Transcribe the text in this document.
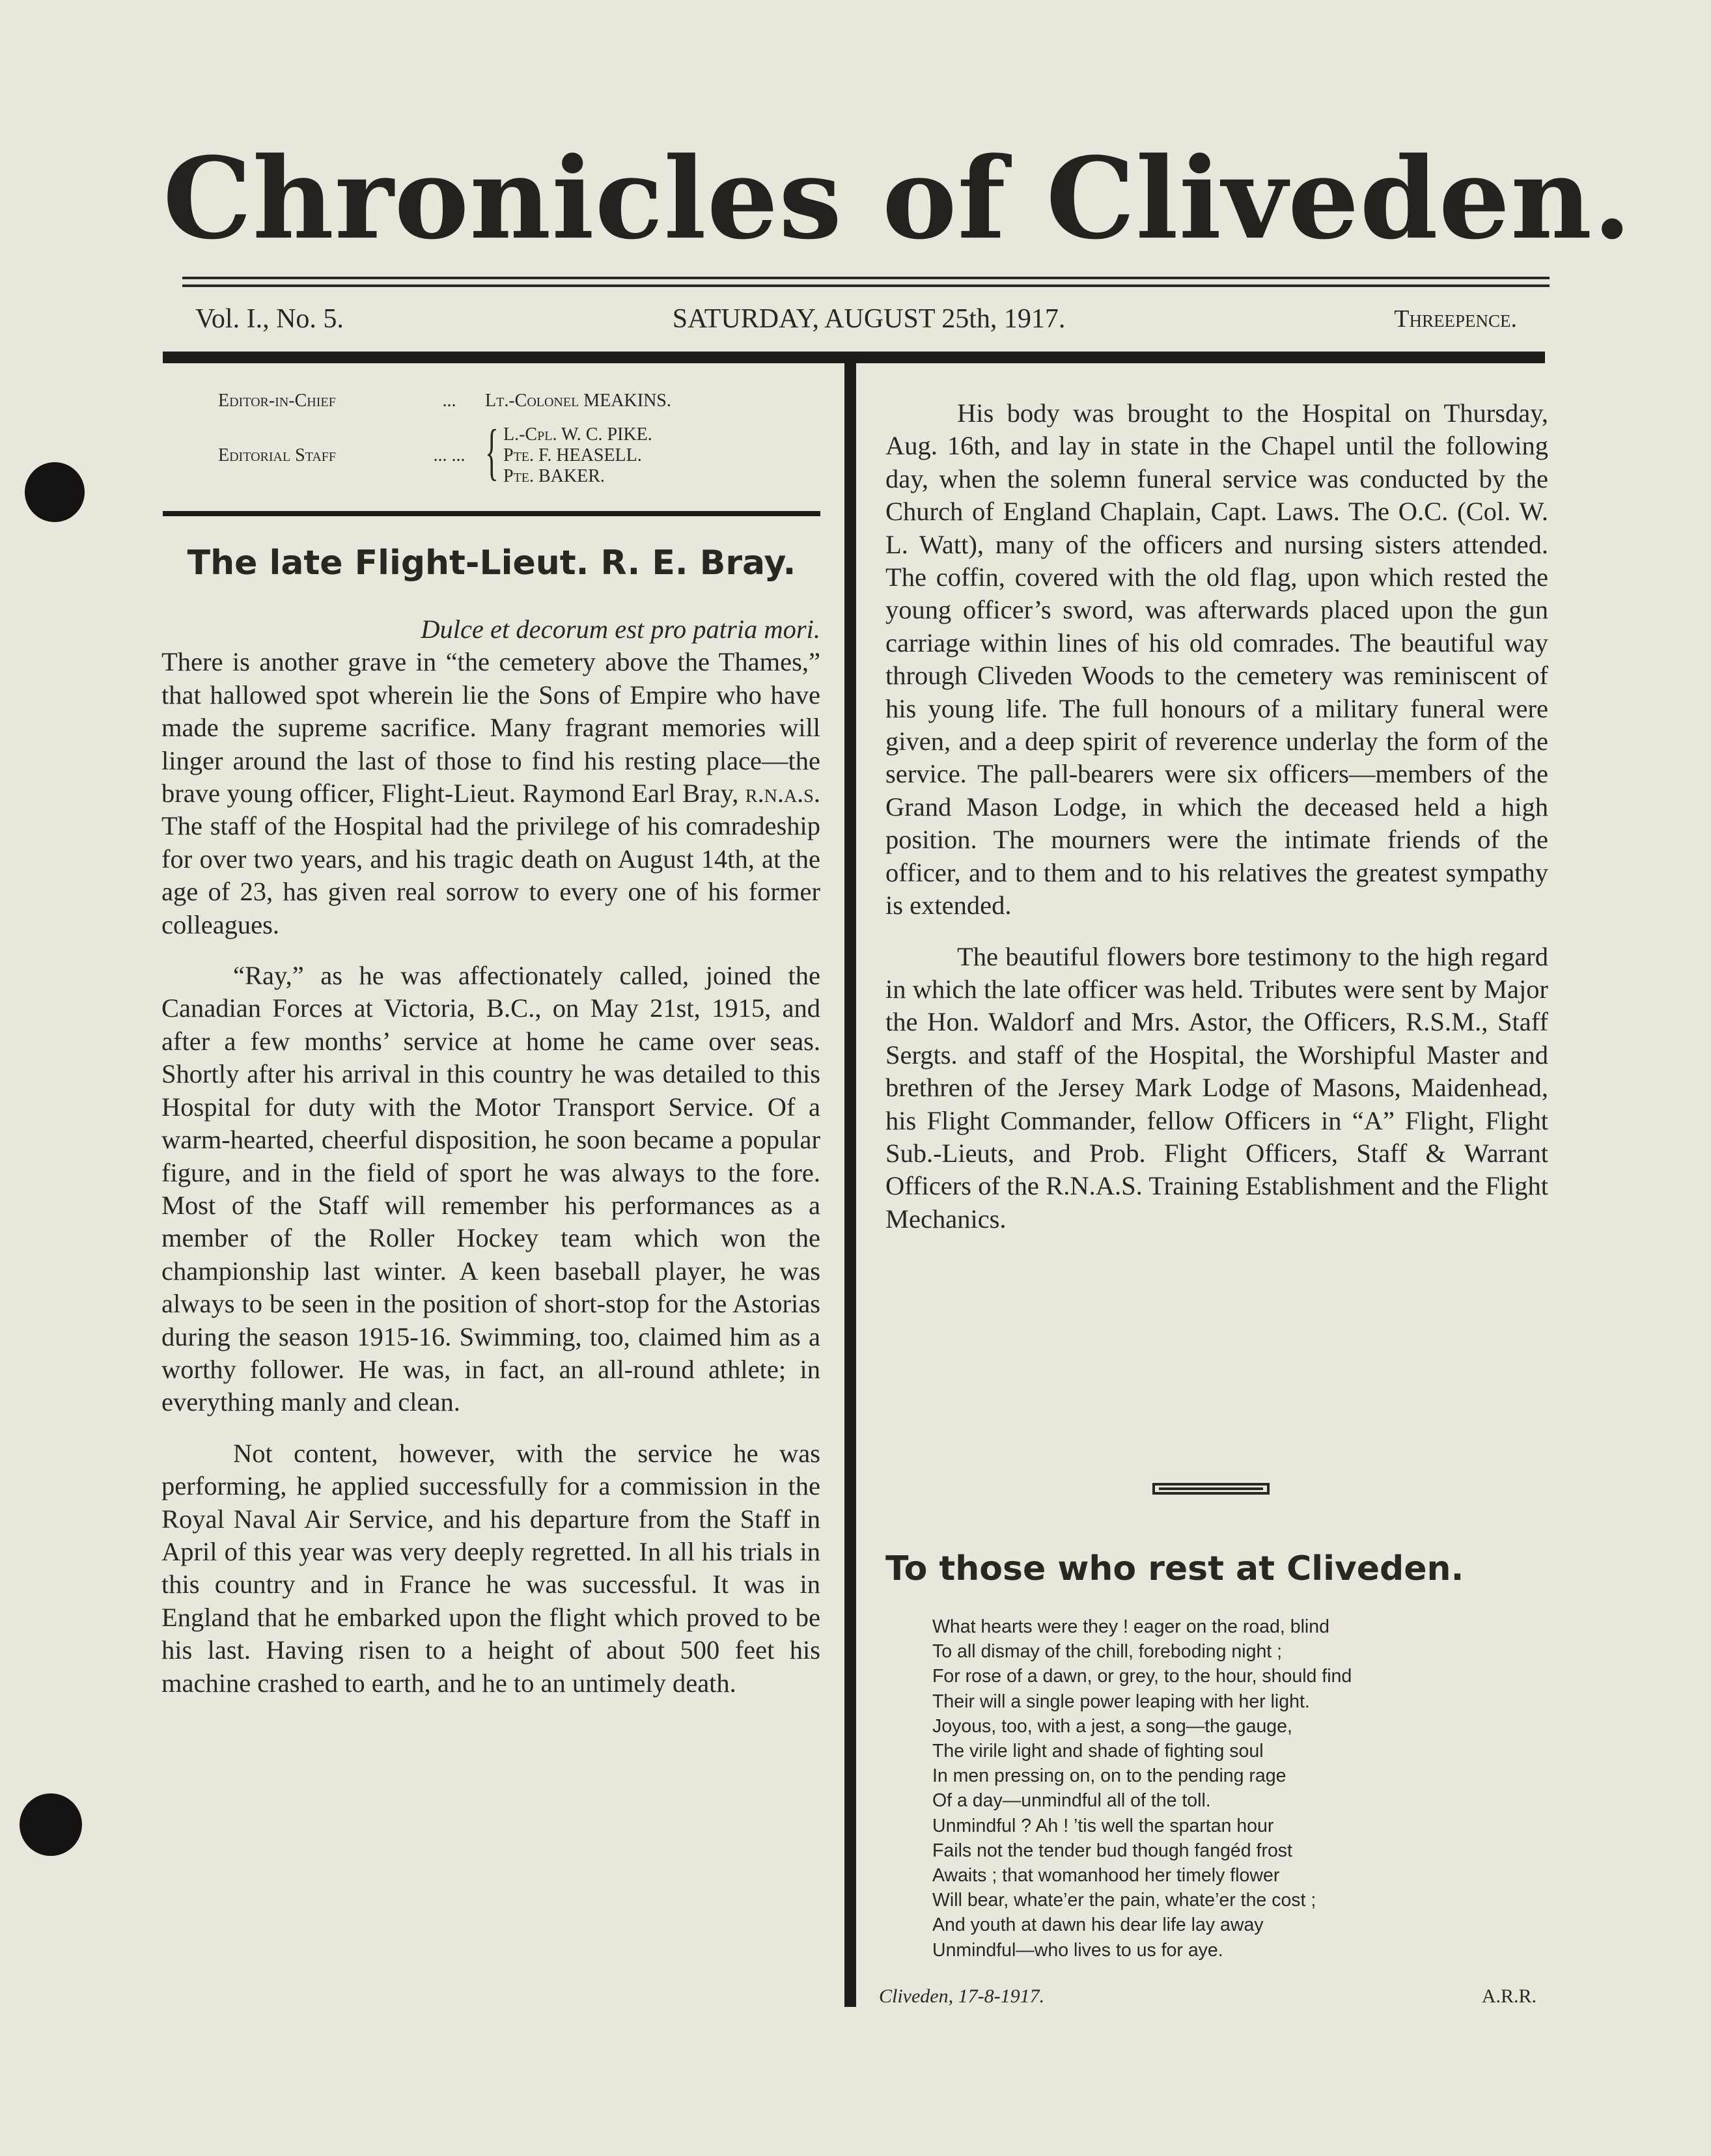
Chronicles of Cliveden.
Vol. I., No. 5.	SATURDAY, AUGUST 25th, 1917.	Threepence.
Editor-in-Chief	...	Lt.-Colonel MEAKINS.
Editorial Staff	... ... { L.-Cpl. W. C. PIKE.
Pte. F. HEASELL.
Pte. BAKER.
The late Flight-Lieut. R. E. Bray.
Dulce et decorum est pro patria mori.

There is another grave in “the cemetery above the Thames,” that hallowed spot wherein lie the Sons of Empire who have made the supreme sacrifice. Many fragrant memories will linger around the last of those to find his resting place—the brave young officer, Flight-Lieut. Raymond Earl Bray, r.n.a.s. The staff of the Hospital had the privilege of his comradeship for over two years, and his tragic death on August 14th, at the age of 23, has given real sorrow to every one of his former colleagues.

“Ray,” as he was affectionately called, joined the Canadian Forces at Victoria, B.C., on May 21st, 1915, and after a few months’ service at home he came over seas. Shortly after his arrival in this country he was detailed to this Hospital for duty with the Motor Transport Service. Of a warm-hearted, cheerful disposition, he soon became a popular figure, and in the field of sport he was always to the fore. Most of the Staff will remember his performances as a member of the Roller Hockey team which won the championship last winter. A keen baseball player, he was always to be seen in the position of short-stop for the Astorias during the season 1915-16. Swimming, too, claimed him as a worthy follower. He was, in fact, an all-round athlete; in everything manly and clean.

Not content, however, with the service he was performing, he applied successfully for a commission in the Royal Naval Air Service, and his departure from the Staff in April of this year was very deeply regretted. In all his trials in this country and in France he was successful. It was in England that he embarked upon the flight which proved to be his last. Having risen to a height of about 500 feet his machine crashed to earth, and he to an untimely death.

His body was brought to the Hospital on Thursday, Aug. 16th, and lay in state in the Chapel until the following day, when the solemn funeral service was conducted by the Church of England Chaplain, Capt. Laws. The O.C. (Col. W. L. Watt), many of the officers and nursing sisters attended. The coffin, covered with the old flag, upon which rested the young officer’s sword, was afterwards placed upon the gun carriage within lines of his old comrades. The beautiful way through Cliveden Woods to the cemetery was reminiscent of his young life. The full honours of a military funeral were given, and a deep spirit of reverence underlay the form of the service. The pall-bearers were six officers—members of the Grand Mason Lodge, in which the deceased held a high position. The mourners were the intimate friends of the officer, and to them and to his relatives the greatest sympathy is extended.

The beautiful flowers bore testimony to the high regard in which the late officer was held. Tributes were sent by Major the Hon. Waldorf and Mrs. Astor, the Officers, R.S.M., Staff Sergts. and staff of the Hospital, the Worshipful Master and brethren of the Jersey Mark Lodge of Masons, Maidenhead, his Flight Commander, fellow Officers in “A” Flight, Flight Sub.-Lieuts, and Prob. Flight Officers, Staff & Warrant Officers of the R.N.A.S. Training Establishment and the Flight Mechanics.

To those who rest at Cliveden.
What hearts were they ! eager on the road, blind
To all dismay of the chill, foreboding night ;
For rose of a dawn, or grey, to the hour, should find
Their will a single power leaping with her light.
Joyous, too, with a jest, a song—the gauge,
The virile light and shade of fighting soul
In men pressing on, on to the pending rage
Of a day—unmindful all of the toll.
Unmindful ? Ah ! ’tis well the spartan hour
Fails not the tender bud though fangéd frost
Awaits ; that womanhood her timely flower
Will bear, whate’er the pain, whate’er the cost ;
And youth at dawn his dear life lay away
Unmindful—who lives to us for aye.
Cliveden, 17-8-1917.	A.R.R.
